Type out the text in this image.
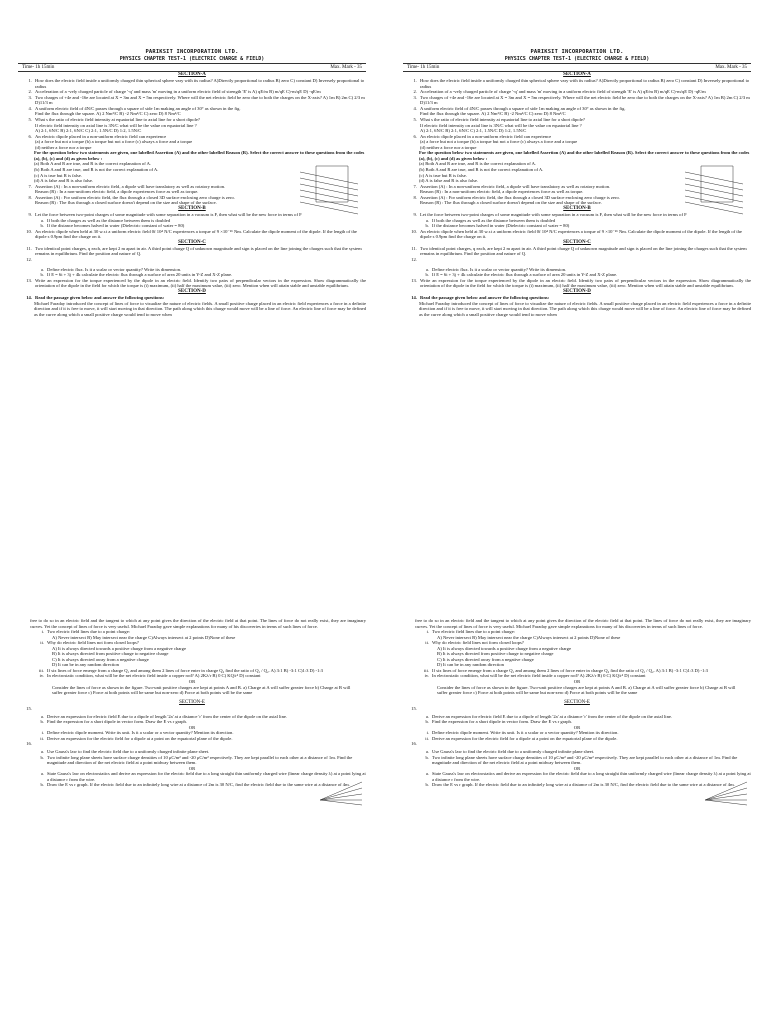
PARIKSIT INCORPORATION LTD.
PHYSICS CHAPTER TEST-1 (ELECTRIC CHARGE & FIELD)
Time- 1h 15min	Max. Mark - 35
SECTION-A
1. How does the electric field inside a uniformly charged thin spherical sphere vary with its radius? A)Directly proportional to radius B) zero C) constant D) Inversely proportional to radius
2. Acceleration of a -vely charged particle of charge '-q' and mass 'm' moving in a uniform electric field of strength 'E' is A) qE/m B) m/qE C)-m/qE D) -qE/m
3. Two charges of +4e and -16e are located at X = 3m and X = 5m respectively. Where will the net electric field be zero due to both the charges on the X-axis? A) 1m B) 2m C) 2/3 m D)11/3 m
4. A uniform electric field of 4N/C passes through a square of side 1m making an angle of 30° as shown in the fig.
Find the flux through the square. A) 2 Nm²/C B) -2 Nm²/C C) zero D) 8 Nm²/C
5. What s the ratio of electric field intensity at equatorial line to axial line for a short dipole?
If electric field intensity on axial line is 3N/C what will be the value on equatorial line ?
A) 2:1, 6N/C B) 2:1, 6N/C C) 2:1, 1.5N/C D) 1:2, 1.5N/C
6. An electric dipole placed in a non-uniform electric field can experience
(a) a force but not a torque (b) a torque but not a force (c) always a force and a torque
(d) neither a force nor a torque
For the question below two statements are given, one labelled Assertion (A) and the other labelled Reason (R). Select the correct answer to these questions from the codes (a), (b), (c) and (d) as given below :
(a) Both A and R are true, and R is the correct explanation of A.
(b) Both A and R are true, and R is not the correct explanation of A.
(c) A is true but R is false.
(d) A is false and R is also false.
7. Assertion (A) : In a non-uniform electric field, a dipole will have translatory as well as rotatory motion.
Reason (R) : In a non-uniform electric field, a dipole experiences force as well as torque.
8. Assertion (A) : For uniform electric field, the flux through a closed 3D surface enclosing zero charge is zero.
Reason (R) : The flux through a closed surface doesn't depend on the size and shape of the surface.
SECTION-B
9. Let the force between two-point charges of some magnitude with some separation in a vacuum is F, then what will be the new force in terms of F
a. If both the charges as well as the distance between them is doubled
b. If the distance becomes halved in water (Dielectric constant of water = 80)
10. An electric dipole when held at 30 w.r.t a uniform electric field 0f 10⁴ N/C experiences a torque of 9 ×10⁻²⁶ Nm. Calculate the dipole moment of the dipole. If the length of the dipole s 0.9pm find the charge on it.
SECTION-C
11. Two identical point charges, q each, are kept 2 m apart in air. A third point charge Q of unknown magnitude and sign is placed on the line joining the charges such that the system remains in equilibrium. Find the position and nature of Q.
12.
a. Define electric flux. Is it a scalar or vector quantity? Write its dimension.
b. If E = 6i + 3j + 4k calculate the electric flux through a surface of area 20 units in Y-Z and X-Z plane.
13. Write an expression for the torque experienced by the dipole in an electric field. Identify two pairs of perpendicular vectors in the expression. Show diagrammatically the orientation of the dipole in the field for which the torque is (i) maximum, (ii) half the maximum value, (iii) zero. Mention when will attain stable and unstable equilibrium.
SECTION-D
14. Read the passage given below and answer the following questions:
Michael Faraday introduced the concept of lines of force to visualize the nature of electric fields. A small positive charge placed in an electric field experiences a force in a definite direction and if it is free to move, it will start moving in that direction. The path along which this charge would move will be a line of force. An electric line of force may be defined as the curve along which a small positive charge would tend to move when
PARIKSIT INCORPORATION LTD.
PHYSICS CHAPTER TEST-1 (ELECTRIC CHARGE & FIELD)
Time- 1h 15min	Max. Mark - 35
SECTION-A
1. How does the electric field inside a uniformly charged thin spherical sphere vary with its radius? A)Directly proportional to radius B) zero C) constant D) Inversely proportional to radius
2. Acceleration of a -vely charged particle of charge '-q' and mass 'm' moving in a uniform electric field of strength 'E' is A) qE/m B) m/qE C)-m/qE D) -qE/m
3. Two charges of +4e and -16e are located at X = 3m and X = 5m respectively. Where will the net electric field be zero due to both the charges on the X-axis? A) 1m B) 2m C) 2/3 m D)11/3 m
4. A uniform electric field of 4N/C passes through a square of side 1m making an angle of 30° as shown in the fig.
Find the flux through the square. A) 2 Nm²/C B) -2 Nm²/C C) zero D) 8 Nm²/C
5. What s the ratio of electric field intensity at equatorial line to axial line for a short dipole?
If electric field intensity on axial line is 3N/C what will be the value on equatorial line ?
A) 2:1, 6N/C B) 2:1, 6N/C C) 2:1, 1.5N/C D) 1:2, 1.5N/C
6. An electric dipole placed in a non-uniform electric field can experience
(a) a force but not a torque (b) a torque but not a force (c) always a force and a torque
(d) neither a force nor a torque
For the question below two statements are given, one labelled Assertion (A) and the other labelled Reason (R). Select the correct answer to these questions from the codes (a), (b), (c) and (d) as given below :
(a) Both A and R are true, and R is the correct explanation of A.
(b) Both A and R are true, and R is not the correct explanation of A.
(c) A is true but R is false.
(d) A is false and R is also false.
7. Assertion (A) : In a non-uniform electric field, a dipole will have translatory as well as rotatory motion.
Reason (R) : In a non-uniform electric field, a dipole experiences force as well as torque.
8. Assertion (A) : For uniform electric field, the flux through a closed 3D surface enclosing zero charge is zero.
Reason (R) : The flux through a closed surface doesn't depend on the size and shape of the surface.
SECTION-B
9. Let the force between two-point charges of some magnitude with some separation in a vacuum is F, then what will be the new force in terms of F
a. If both the charges as well as the distance between them is doubled
b. If the distance becomes halved in water (Dielectric constant of water = 80)
10. An electric dipole when held at 30 w.r.t a uniform electric field 0f 10⁴ N/C experiences a torque of 9 ×10⁻²⁶ Nm. Calculate the dipole moment of the dipole. If the length of the dipole s 0.9pm find the charge on it.
SECTION-C
11. Two identical point charges, q each, are kept 2 m apart in air. A third point charge Q of unknown magnitude and sign is placed on the line joining the charges such that the system remains in equilibrium. Find the position and nature of Q.
12.
a. Define electric flux. Is it a scalar or vector quantity? Write its dimension.
b. If E = 6i + 3j + 4k calculate the electric flux through a surface of area 20 units in Y-Z and X-Z plane.
13. Write an expression for the torque experienced by the dipole in an electric field. Identify two pairs of perpendicular vectors in the expression. Show diagrammatically the orientation of the dipole in the field for which the torque is (i) maximum, (ii) half the maximum value, (iii) zero. Mention when will attain stable and unstable equilibrium.
SECTION-D
14. Read the passage given below and answer the following questions:
Michael Faraday introduced the concept of lines of force to visualize the nature of electric fields. A small positive charge placed in an electric field experiences a force in a definite direction and if it is free to move, it will start moving in that direction. The path along which this charge would move will be a line of force. An electric line of force may be defined as the curve along which a small positive charge would tend to move when
free to do so in an electric field and the tangent to which at any point gives the direction of the electric field at that point. The lines of force do not really exist, they are imaginary curves. Yet the concept of lines of force is very useful. Michael Faraday gave simple explanations for many of his discoveries in terms of such lines of force.
i. Two electric field lines due to a point charge:
A) Never intersect B) May intersect near the charge C)Always intersect at 2 points D)None of these
ii. Why do electric field lines not form closed loops?
A) It is always directed towards a positive charge from a negative charge
B) It is always directed from positive charge to negative charge
C) It is always directed away from a negative charge
D) It can be in any random direction
iii. If six lines of force emerge from a charge Q₁ and among them 2 lines of force enter in charge Q₂ find the ratio of Q₁ / Q₂. A) 3:1 B) -3:1 C)1:3 D) -1:3
iv. In electrostatic condition, what will be the net electric field inside a copper rod? A) 2Kλ/r B) 0 C) KQ/r² D) constant
OR
Consider the lines of force as shown in the figure. Two-unit positive charges are kept at points A and B. a) Charge at A will suffer greater force b) Charge at B will suffer greater force c) Force at both points will be same but non-zero d) Force at both points will be the same
SECTION-E
15.
a. Derive an expression for electric field E due to a dipole of length '2a' at a distance 'r' from the center of the dipole on the axial line.
b. Find the expression for a short dipole in vector form. Draw the E vs r graph.
OR
i. Define electric dipole moment. Write its unit. Is it a scalar or a vector quantity? Mention its direction.
ii. Derive an expression for the electric field for a dipole at a point on the equatorial plane of the dipole.
16.
a. Use Gauss's law to find the electric field due to a uniformly charged infinite plane sheet.
b. Two infinite long plane sheets have surface charge densities of 10 μC/m² and -20 μC/m² respectively. They are kept parallel to each other at a distance of 1m. Find the magnitude and direction of the net electric field at a point midway between them.
OR
a. State Gauss's law on electrostatics and derive an expression for the electric field due to a long straight thin uniformly charged wire (linear charge density λ) at a point lying at a distance r from the wire.
b. Draw the E vs r graph. If the electric field due to an infinitely long wire at a distance of 2m is 30 N/C, find the electric field due to the same wire at a distance of 4m.
free to do so in an electric field and the tangent to which at any point gives the direction of the electric field at that point. The lines of force do not really exist, they are imaginary curves. Yet the concept of lines of force is very useful. Michael Faraday gave simple explanations for many of his discoveries in terms of such lines of force.
i. Two electric field lines due to a point charge:
A) Never intersect B) May intersect near the charge C)Always intersect at 2 points D)None of these
ii. Why do electric field lines not form closed loops?
A) It is always directed towards a positive charge from a negative charge
B) It is always directed from positive charge to negative charge
C) It is always directed away from a negative charge
D) It can be in any random direction
iii. If six lines of force emerge from a charge Q₁ and among them 2 lines of force enter in charge Q₂ find the ratio of Q₁ / Q₂. A) 3:1 B) -3:1 C)1:3 D) -1:3
iv. In electrostatic condition, what will be the net electric field inside a copper rod? A) 2Kλ/r B) 0 C) KQ/r² D) constant
OR
Consider the lines of force as shown in the figure. Two-unit positive charges are kept at points A and B. a) Charge at A will suffer greater force b) Charge at B will suffer greater force c) Force at both points will be same but non-zero d) Force at both points will be the same
SECTION-E
15.
a. Derive an expression for electric field E due to a dipole of length '2a' at a distance 'r' from the center of the dipole on the axial line.
b. Find the expression for a short dipole in vector form. Draw the E vs r graph.
OR
i. Define electric dipole moment. Write its unit. Is it a scalar or a vector quantity? Mention its direction.
ii. Derive an expression for the electric field for a dipole at a point on the equatorial plane of the dipole.
16.
a. Use Gauss's law to find the electric field due to a uniformly charged infinite plane sheet.
b. Two infinite long plane sheets have surface charge densities of 10 μC/m² and -20 μC/m² respectively. They are kept parallel to each other at a distance of 1m. Find the magnitude and direction of the net electric field at a point midway between them.
OR
a. State Gauss's law on electrostatics and derive an expression for the electric field due to a long straight thin uniformly charged wire (linear charge density λ) at a point lying at a distance r from the wire.
b. Draw the E vs r graph. If the electric field due to an infinitely long wire at a distance of 2m is 30 N/C, find the electric field due to the same wire at a distance of 4m.
